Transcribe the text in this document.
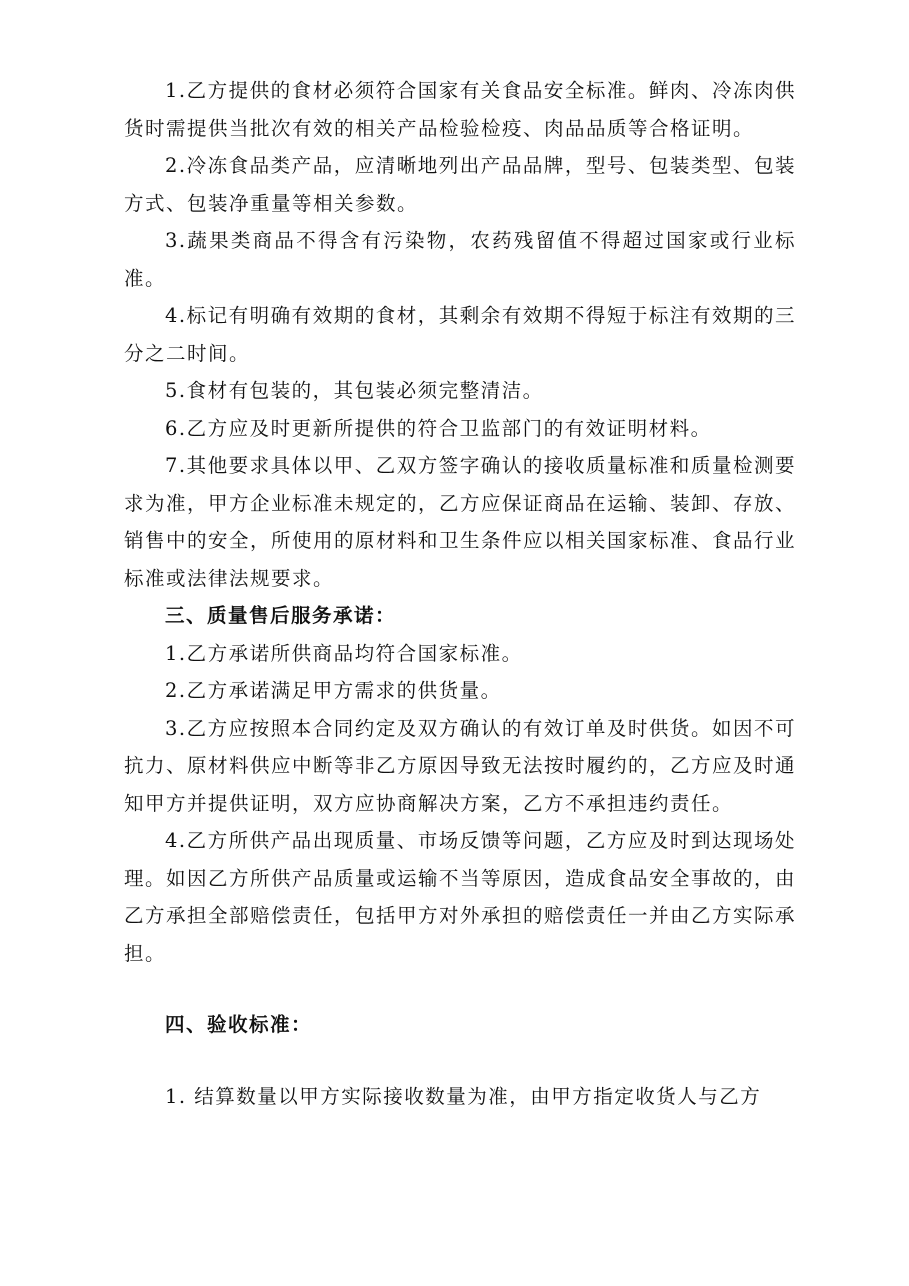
1.乙方提供的食材必须符合国家有关食品安全标准。鲜肉、冷冻肉供货时需提供当批次有效的相关产品检验检疫、肉品品质等合格证明。

2.冷冻食品类产品，应清晰地列出产品品牌，型号、包装类型、包装方式、包装净重量等相关参数。

3.蔬果类商品不得含有污染物，农药残留值不得超过国家或行业标准。

4.标记有明确有效期的食材，其剩余有效期不得短于标注有效期的三分之二时间。

5.食材有包装的，其包装必须完整清洁。

6.乙方应及时更新所提供的符合卫监部门的有效证明材料。

7.其他要求具体以甲、乙双方签字确认的接收质量标准和质量检测要求为准，甲方企业标准未规定的，乙方应保证商品在运输、装卸、存放、销售中的安全，所使用的原材料和卫生条件应以相关国家标准、食品行业标准或法律法规要求。

三、质量售后服务承诺：

1.乙方承诺所供商品均符合国家标准。

2.乙方承诺满足甲方需求的供货量。

3.乙方应按照本合同约定及双方确认的有效订单及时供货。如因不可抗力、原材料供应中断等非乙方原因导致无法按时履约的，乙方应及时通知甲方并提供证明，双方应协商解决方案，乙方不承担违约责任。

4.乙方所供产品出现质量、市场反馈等问题，乙方应及时到达现场处理。如因乙方所供产品质量或运输不当等原因，造成食品安全事故的，由乙方承担全部赔偿责任，包括甲方对外承担的赔偿责任一并由乙方实际承担。

四、验收标准：

1. 结算数量以甲方实际接收数量为准，由甲方指定收货人与乙方
